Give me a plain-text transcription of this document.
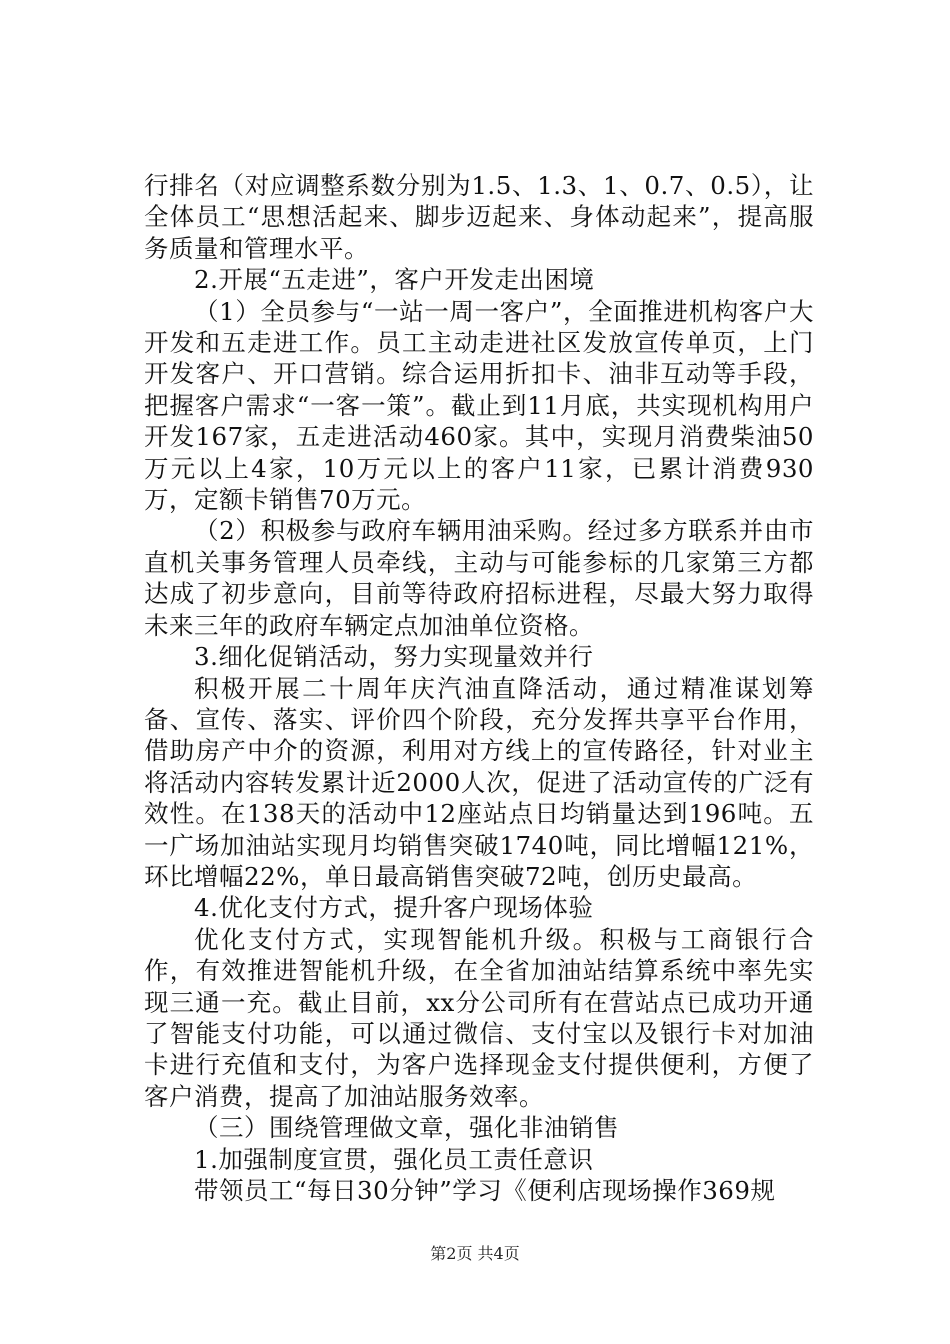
行排名（对应调整系数分别为1.5、1.3、1、0.7、0.5），让全体员工“思想活起来、脚步迈起来、身体动起来”，提高服务质量和管理水平。

2.开展“五走进”，客户开发走出困境

（1）全员参与“一站一周一客户”，全面推进机构客户大开发和五走进工作。员工主动走进社区发放宣传单页，上门开发客户、开口营销。综合运用折扣卡、油非互动等手段，把握客户需求“一客一策”。截止到11月底，共实现机构用户开发167家，五走进活动460家。其中，实现月消费柴油50万元以上4家，10万元以上的客户11家，已累计消费930万，定额卡销售70万元。

（2）积极参与政府车辆用油采购。经过多方联系并由市直机关事务管理人员牵线，主动与可能参标的几家第三方都达成了初步意向，目前等待政府招标进程，尽最大努力取得未来三年的政府车辆定点加油单位资格。

3.细化促销活动，努力实现量效并行

积极开展二十周年庆汽油直降活动，通过精准谋划筹备、宣传、落实、评价四个阶段，充分发挥共享平台作用，借助房产中介的资源，利用对方线上的宣传路径，针对业主将活动内容转发累计近2000人次，促进了活动宣传的广泛有效性。在138天的活动中12座站点日均销量达到196吨。五一广场加油站实现月均销售突破1740吨，同比增幅121%，环比增幅22%，单日最高销售突破72吨，创历史最高。

4.优化支付方式，提升客户现场体验

优化支付方式，实现智能机升级。积极与工商银行合作，有效推进智能机升级，在全省加油站结算系统中率先实现三通一充。截止目前，xx分公司所有在营站点已成功开通了智能支付功能，可以通过微信、支付宝以及银行卡对加油卡进行充值和支付，为客户选择现金支付提供便利，方便了客户消费，提高了加油站服务效率。

（三）围绕管理做文章，强化非油销售

1.加强制度宣贯，强化员工责任意识

带领员工“每日30分钟”学习《便利店现场操作369规

第2页 共4页
